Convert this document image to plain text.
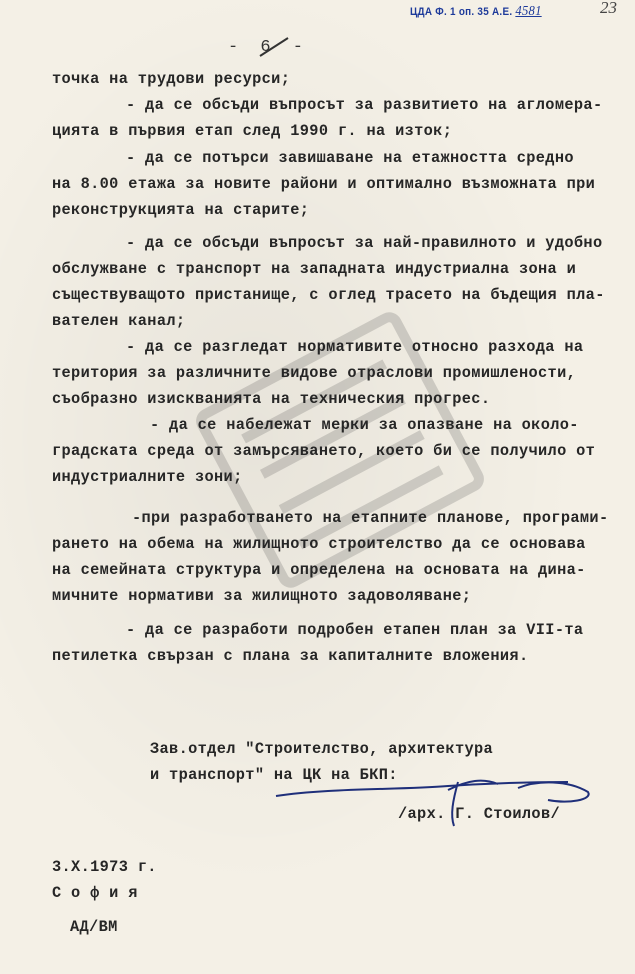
ЦДА Ф. 1 оп. 35 А.Е. 4581	23
- 6 -
точка на трудови ресурси;
- да се обсъди въпросът за развитието на агломера-
цията в първия етап след 1990 г. на изток;
- да се потърси завишаване на етажността средно
на 8.00 етажа за новите райони и оптимално възможната при
реконструкцията на старите;
- да се обсъди въпросът за най-правилното и удобно
обслужване с транспорт на западната индустриална зона и
съществуващото пристанище, с оглед трасето на бъдещия пла-
вателен канал;
- да се разгледат нормативите относно разхода на
територия за различните видове отраслови промишлености,
съобразно изискванията на техническия прогрес.
- да се набележат мерки за опазване на около-
градската среда от замърсяването, което би се получило от
индустриалните зони;
-при разработването на етапните планове, програми-
рането на обема на жилищното строителство да се основава
на семейната структура и определена на основата на дина-
мичните нормативи за жилищното задоволяване;
- да се разработи подробен етапен план за VII-та
петилетка свързан с плана за капиталните вложения.
Зав.отдел "Строителство, архитектура
и транспорт" на ЦК на БКП:
/арх. Г. Стоилов/
3.X.1973 г.
С о ф и я
АД/ВМ
